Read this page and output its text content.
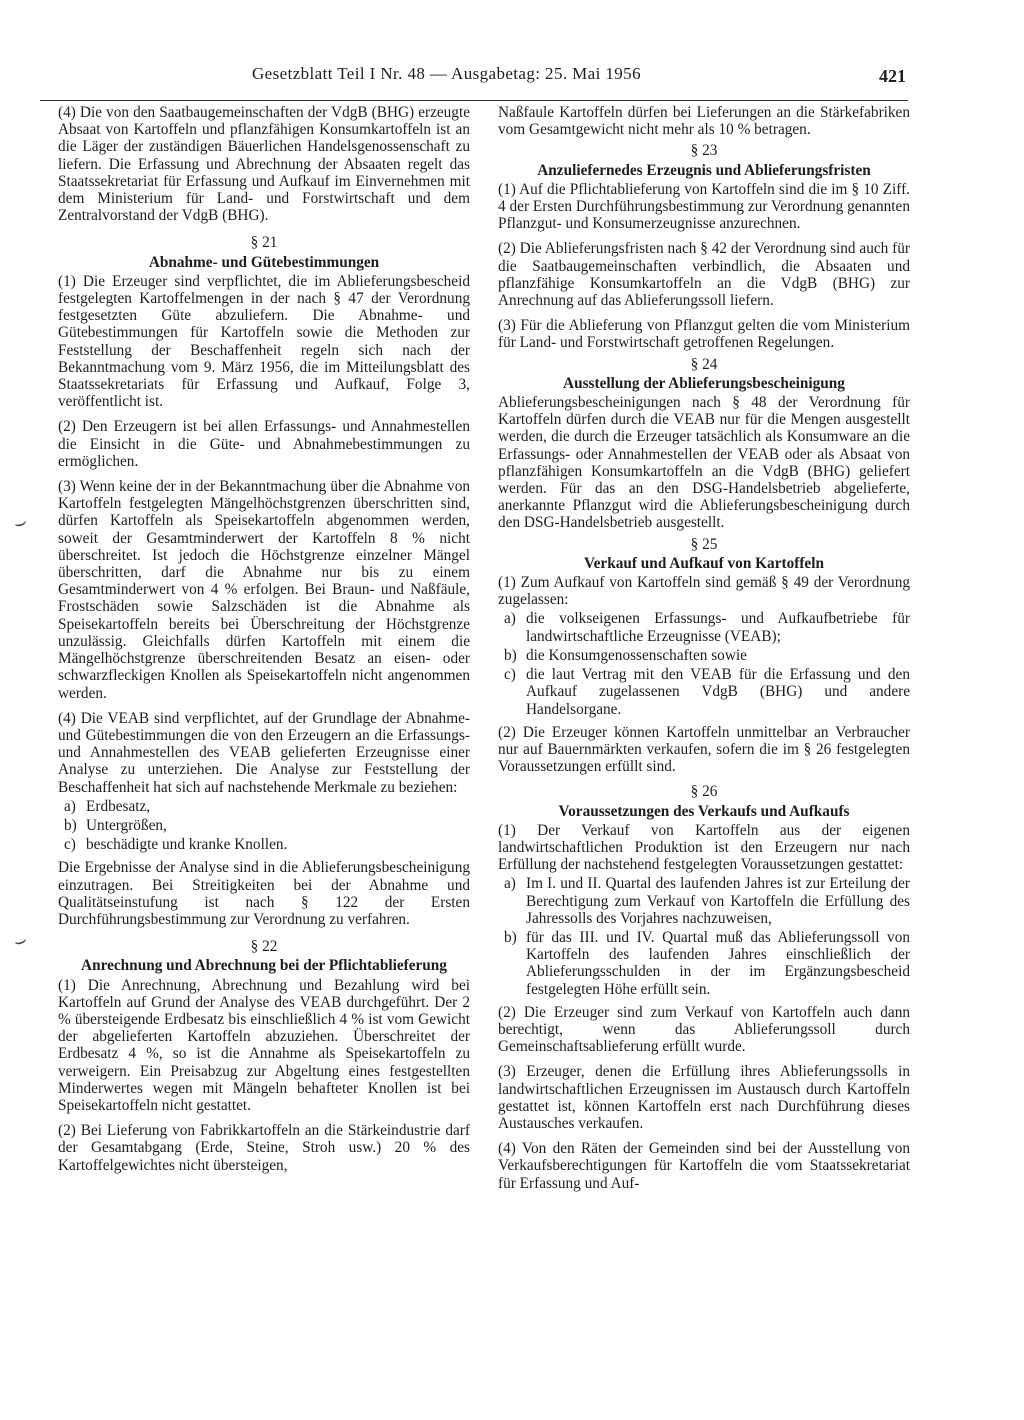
Gesetzblatt Teil I Nr. 48 — Ausgabetag: 25. Mai 1956	421
⌣
⌣

(4) Die von den Saatbaugemeinschaften der VdgB (BHG) erzeugte Absaat von Kartoffeln und pflanzfähigen Konsumkartoffeln ist an die Läger der zuständigen Bäuerlichen Handelsgenossenschaft zu liefern. Die Erfassung und Abrechnung der Absaaten regelt das Staatssekretariat für Erfassung und Aufkauf im Einvernehmen mit dem Ministerium für Land- und Forstwirtschaft und dem Zentralvorstand der VdgB (BHG).

§ 21
Abnahme- und Gütebestimmungen

(1) Die Erzeuger sind verpflichtet, die im Ablieferungsbescheid festgelegten Kartoffelmengen in der nach § 47 der Verordnung festgesetzten Güte abzuliefern. Die Abnahme- und Gütebestimmungen für Kartoffeln sowie die Methoden zur Feststellung der Beschaffenheit regeln sich nach der Bekanntmachung vom 9. März 1956, die im Mitteilungsblatt des Staatssekretariats für Erfassung und Aufkauf, Folge 3, veröffentlicht ist.

(2) Den Erzeugern ist bei allen Erfassungs- und Annahmestellen die Einsicht in die Güte- und Abnahmebestimmungen zu ermöglichen.

(3) Wenn keine der in der Bekanntmachung über die Abnahme von Kartoffeln festgelegten Mängelhöchstgrenzen überschritten sind, dürfen Kartoffeln als Speisekartoffeln abgenommen werden, soweit der Gesamtminderwert der Kartoffeln 8 % nicht überschreitet. Ist jedoch die Höchstgrenze einzelner Mängel überschritten, darf die Abnahme nur bis zu einem Gesamtminderwert von 4 % erfolgen. Bei Braun- und Naßfäule, Frostschäden sowie Salzschäden ist die Abnahme als Speisekartoffeln bereits bei Überschreitung der Höchstgrenze unzulässig. Gleichfalls dürfen Kartoffeln mit einem die Mängelhöchstgrenze überschreitenden Besatz an eisen- oder schwarzfleckigen Knollen als Speisekartoffeln nicht angenommen werden.

(4) Die VEAB sind verpflichtet, auf der Grundlage der Abnahme- und Gütebestimmungen die von den Erzeugern an die Erfassungs- und Annahmestellen des VEAB gelieferten Erzeugnisse einer Analyse zu unterziehen. Die Analyse zur Feststellung der Beschaffenheit hat sich auf nachstehende Merkmale zu beziehen:

a) Erdbesatz,
b) Untergrößen,
c) beschädigte und kranke Knollen.

Die Ergebnisse der Analyse sind in die Ablieferungsbescheinigung einzutragen. Bei Streitigkeiten bei der Abnahme und Qualitätseinstufung ist nach § 122 der Ersten Durchführungsbestimmung zur Verordnung zu verfahren.

§ 22
Anrechnung und Abrechnung bei der Pflichtablieferung

(1) Die Anrechnung, Abrechnung und Bezahlung wird bei Kartoffeln auf Grund der Analyse des VEAB durchgeführt. Der 2 % übersteigende Erdbesatz bis einschließlich 4 % ist vom Gewicht der abgelieferten Kartoffeln abzuziehen. Überschreitet der Erdbesatz 4 %, so ist die Annahme als Speisekartoffeln zu verweigern. Ein Preisabzug zur Abgeltung eines festgestellten Minderwertes wegen mit Mängeln behafteter Knollen ist bei Speisekartoffeln nicht gestattet.

(2) Bei Lieferung von Fabrikkartoffeln an die Stärkeindustrie darf der Gesamtabgang (Erde, Steine, Stroh usw.) 20 % des Kartoffelgewichtes nicht übersteigen,

Naßfaule Kartoffeln dürfen bei Lieferungen an die Stärkefabriken vom Gesamtgewicht nicht mehr als 10 % betragen.

§ 23
Anzuliefernedes Erzeugnis und Ablieferungsfristen

(1) Auf die Pflichtablieferung von Kartoffeln sind die im § 10 Ziff. 4 der Ersten Durchführungsbestimmung zur Verordnung genannten Pflanzgut- und Konsumerzeugnisse anzurechnen.

(2) Die Ablieferungsfristen nach § 42 der Verordnung sind auch für die Saatbaugemeinschaften verbindlich, die Absaaten und pflanzfähige Konsumkartoffeln an die VdgB (BHG) zur Anrechnung auf das Ablieferungssoll liefern.

(3) Für die Ablieferung von Pflanzgut gelten die vom Ministerium für Land- und Forstwirtschaft getroffenen Regelungen.

§ 24
Ausstellung der Ablieferungsbescheinigung

Ablieferungsbescheinigungen nach § 48 der Verordnung für Kartoffeln dürfen durch die VEAB nur für die Mengen ausgestellt werden, die durch die Erzeuger tatsächlich als Konsumware an die Erfassungs- oder Annahmestellen der VEAB oder als Absaat von pflanzfähigen Konsumkartoffeln an die VdgB (BHG) geliefert werden. Für das an den DSG-Handelsbetrieb abgelieferte, anerkannte Pflanzgut wird die Ablieferungsbescheinigung durch den DSG-Handelsbetrieb ausgestellt.

§ 25
Verkauf und Aufkauf von Kartoffeln

(1) Zum Aufkauf von Kartoffeln sind gemäß § 49 der Verordnung zugelassen:

a) die volkseigenen Erfassungs- und Aufkaufbetriebe für landwirtschaftliche Erzeugnisse (VEAB);
b) die Konsumgenossenschaften sowie
c) die laut Vertrag mit den VEAB für die Erfassung und den Aufkauf zugelassenen VdgB (BHG) und andere Handelsorgane.

(2) Die Erzeuger können Kartoffeln unmittelbar an Verbraucher nur auf Bauernmärkten verkaufen, sofern die im § 26 festgelegten Voraussetzungen erfüllt sind.

§ 26
Voraussetzungen des Verkaufs und Aufkaufs

(1) Der Verkauf von Kartoffeln aus der eigenen landwirtschaftlichen Produktion ist den Erzeugern nur nach Erfüllung der nachstehend festgelegten Voraussetzungen gestattet:

a) Im I. und II. Quartal des laufenden Jahres ist zur Erteilung der Berechtigung zum Verkauf von Kartoffeln die Erfüllung des Jahressolls des Vorjahres nachzuweisen,
b) für das III. und IV. Quartal muß das Ablieferungssoll von Kartoffeln des laufenden Jahres einschließlich der Ablieferungsschulden in der im Ergänzungsbescheid festgelegten Höhe erfüllt sein.

(2) Die Erzeuger sind zum Verkauf von Kartoffeln auch dann berechtigt, wenn das Ablieferungssoll durch Gemeinschaftsablieferung erfüllt wurde.

(3) Erzeuger, denen die Erfüllung ihres Ablieferungssolls in landwirtschaftlichen Erzeugnissen im Austausch durch Kartoffeln gestattet ist, können Kartoffeln erst nach Durchführung dieses Austausches verkaufen.

(4) Von den Räten der Gemeinden sind bei der Ausstellung von Verkaufsberechtigungen für Kartoffeln die vom Staatssekretariat für Erfassung und Auf-
